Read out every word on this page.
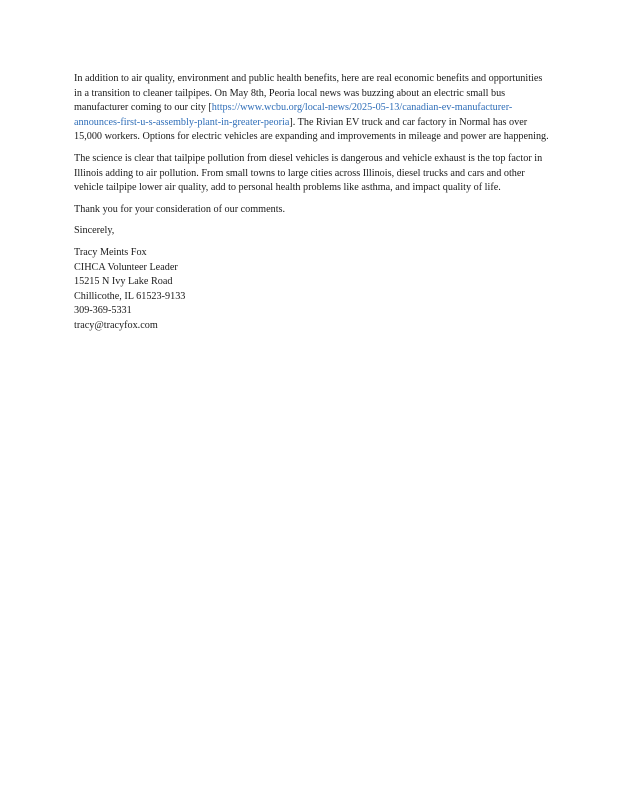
In addition to air quality, environment and public health benefits, here are real economic benefits and opportunities in a transition to cleaner tailpipes. On May 8th, Peoria local news was buzzing about an electric small bus manufacturer coming to our city [https://www.wcbu.org/local-news/2025-05-13/canadian-ev-manufacturer-announces-first-u-s-assembly-plant-in-greater-peoria]. The Rivian EV truck and car factory in Normal has over 15,000 workers. Options for electric vehicles are expanding and improvements in mileage and power are happening.

The science is clear that tailpipe pollution from diesel vehicles is dangerous and vehicle exhaust is the top factor in Illinois adding to air pollution. From small towns to large cities across Illinois, diesel trucks and cars and other vehicle tailpipe lower air quality, add to personal health problems like asthma, and impact quality of life.

Thank you for your consideration of our comments.

Sincerely,

Tracy Meints Fox
CIHCA Volunteer Leader
15215 N Ivy Lake Road
Chillicothe, IL 61523-9133
309-369-5331
tracy@tracyfox.com
